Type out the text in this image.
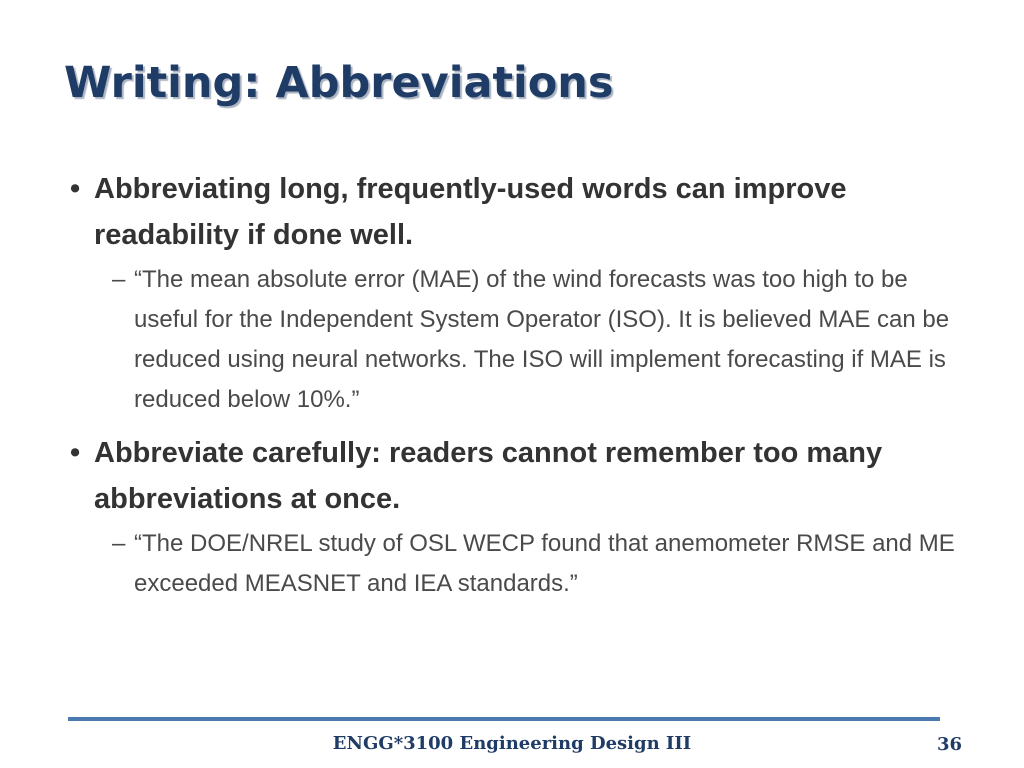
Writing: Abbreviations
• Abbreviating long, frequently-used words can improve readability if done well.
– “The mean absolute error (MAE) of the wind forecasts was too high to be useful for the Independent System Operator (ISO). It is believed MAE can be reduced using neural networks. The ISO will implement forecasting if MAE is reduced below 10%.”
• Abbreviate carefully: readers cannot remember too many abbreviations at once.
– “The DOE/NREL study of OSL WECP found that anemometer RMSE and ME exceeded MEASNET and IEA standards.”
ENGG*3100 Engineering Design III	36
